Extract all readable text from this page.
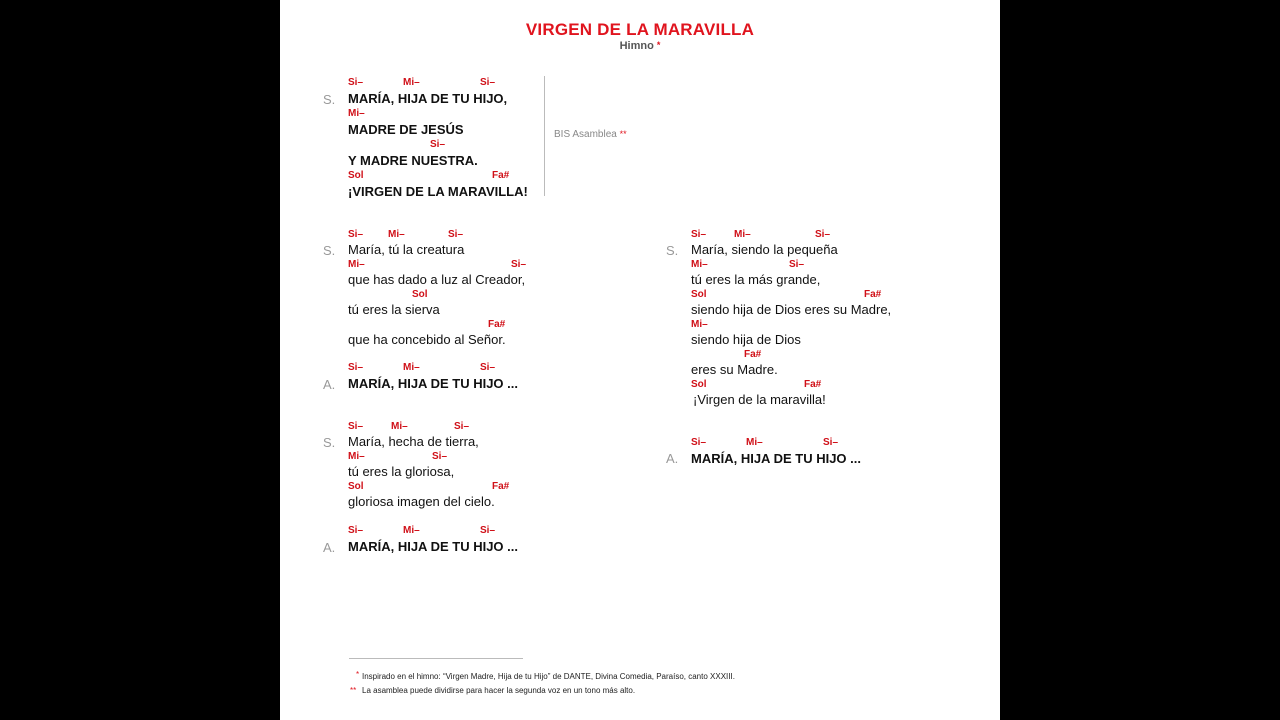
VIRGEN DE LA MARAVILLA
Himno *
S.
Si–	Mi–	Si–
MARÍA, HIJA DE TU HIJO,
Mi–
MADRE DE JESÚS
Si–
Y MADRE NUESTRA.
Sol	Fa#
¡VIRGEN DE LA MARAVILLA!
BIS Asamblea **
S.
Si– Mi–	Si–
María, tú la creatura
Mi–	Si–
que has dado a luz al Creador,
Sol
tú eres la sierva
Fa#
que ha concebido al Señor.
A.
Si–	Mi–	Si–
MARÍA, HIJA DE TU HIJO ...
S.
Si–	Mi–	Si–
María, hecha de tierra,
Mi–	Si–
tú eres la gloriosa,
Sol	Fa#
gloriosa imagen del cielo.
A.
Si–	Mi–	Si–
MARÍA, HIJA DE TU HIJO ...
S.
Si–	Mi–	Si–
María, siendo la pequeña
Mi–	Si–
tú eres la más grande,
Sol	Fa#
siendo hija de Dios eres su Madre,
Mi–
siendo hija de Dios
Fa#
eres su Madre.
Sol	Fa#
¡Virgen de la maravilla!
A.
Si–	Mi–	Si–
MARÍA, HIJA DE TU HIJO ...
* Inspirado en el himno: “Virgen Madre, Hija de tu Hijo” de DANTE, Divina Comedia, Paraíso, canto XXXIII.
** La asamblea puede dividirse para hacer la segunda voz en un tono más alto.
